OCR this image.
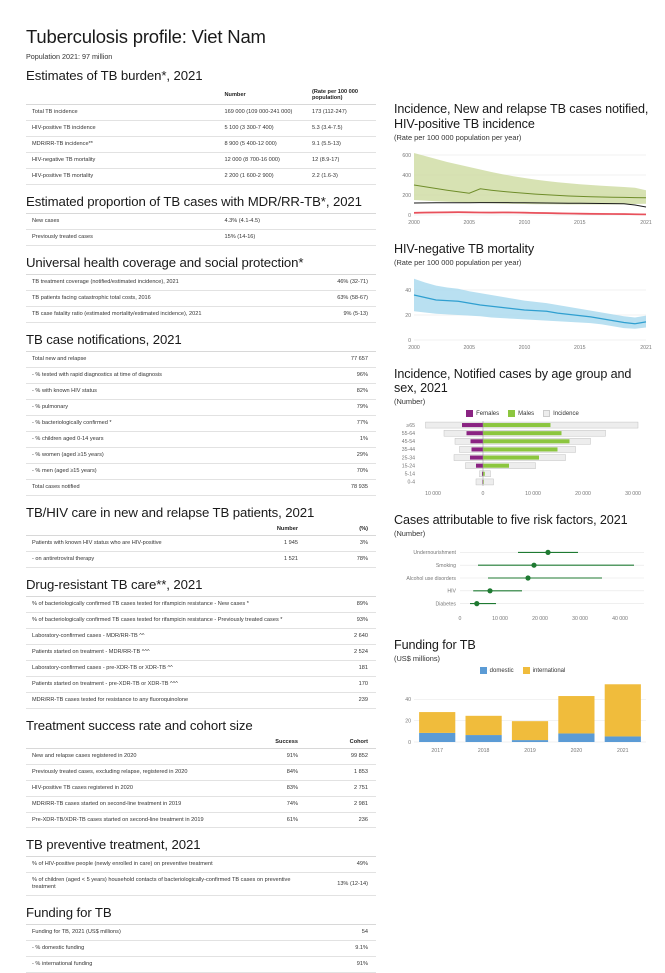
Tuberculosis profile: Viet Nam
Population 2021: 97 million
Estimates of TB burden*, 2021
	Number	(Rate per 100 000 population)
Total TB incidence	169 000 (109 000-241 000)	173 (112-247)
HIV-positive TB incidence	5 100 (3 300-7 400)	5.3 (3.4-7.5)
MDR/RR-TB incidence**	8 900 (5 400-12 000)	9.1 (5.5-13)
HIV-negative TB mortality	12 000 (8 700-16 000)	12 (8.9-17)
HIV-positive TB mortality	2 200 (1 600-2 900)	2.2 (1.6-3)
Estimated proportion of TB cases with MDR/RR-TB*, 2021
New cases	4.3% (4.1-4.5)
Previously treated cases	15% (14-16)
Universal health coverage and social protection*
TB treatment coverage (notified/estimated incidence), 2021	46% (32-71)
TB patients facing catastrophic total costs, 2016	63% (58-67)
TB case fatality ratio (estimated mortality/estimated incidence), 2021	9% (5-13)
TB case notifications, 2021
Total new and relapse	77 657
- % tested with rapid diagnostics at time of diagnosis	96%
- % with known HIV status	82%
- % pulmonary	79%
- % bacteriologically confirmed *	77%
- % children aged 0-14 years	1%
- % women (aged ≥15 years)	29%
- % men (aged ≥15 years)	70%
Total cases notified	78 935
TB/HIV care in new and relapse TB patients, 2021
	Number	(%)
Patients with known HIV status who are HIV-positive	1 945	3%
- on antiretroviral therapy	1 521	78%
Drug-resistant TB care**, 2021
% of bacteriologically confirmed TB cases tested for rifampicin resistance - New cases *	89%
% of bacteriologically confirmed TB cases tested for rifampicin resistance - Previously treated cases *	93%
Laboratory-confirmed cases - MDR/RR-TB ^^	2 640
Patients started on treatment - MDR/RR-TB ^^^	2 524
Laboratory-confirmed cases - pre-XDR-TB or XDR-TB ^^	181
Patients started on treatment - pre-XDR-TB or XDR-TB ^^^	170
MDR/RR-TB cases tested for resistance to any fluoroquinolone	239
Treatment success rate and cohort size
	Success	Cohort
New and relapse cases registered in 2020	91%	99 852
Previously treated cases, excluding relapse, registered in 2020	84%	1 853
HIV-positive TB cases registered in 2020	83%	2 751
MDR/RR-TB cases started on second-line treatment in 2019	74%	2 981
Pre-XDR-TB/XDR-TB cases started on second-line treatment in 2019	61%	236
TB preventive treatment, 2021
% of HIV-positive people (newly enrolled in care) on preventive treatment	49%
% of children (aged < 5 years) household contacts of bacteriologically-confirmed TB cases on preventive treatment	13% (12-14)
Funding for TB
Funding for TB, 2021 (US$ millions)	54
- % domestic funding	9.1%
- % international funding	91%
Incidence, New and relapse TB cases notified, HIV-positive TB incidence
(Rate per 100 000 population per year)
0
200
400
600
2000	2005	2010	2015	2021
HIV-negative TB mortality
(Rate per 100 000 population per year)
0
20
40
2000	2005	2010	2015	2021
Incidence, Notified cases by age group and sex, 2021
(Number)
Females	Males	Incidence
≥65
55-64
45-54
35-44
25-34
15-24
5-14
0-4
10 000	0	10 000	20 000	30 000
Cases attributable to five risk factors, 2021
(Number)
Undernourishment
Smoking
Alcohol use disorders
HIV
Diabetes
0	10 000	20 000	30 000	40 000
Funding for TB
(US$ millions)
domestic	international
0
20
40
2017	2018	2019	2020	2021
